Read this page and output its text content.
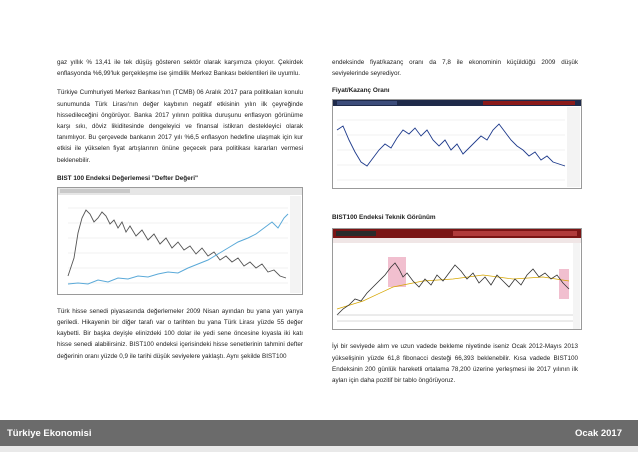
gaz yıllık % 13,41 ile tek düşüş gösteren sektör olarak karşımıza çıkıyor. Çekirdek enflasyonda %6,99'luk gerçekleşme ise şimdilik Merkez Bankası beklentileri ile uyumlu.

Türkiye Cumhuriyeti Merkez Bankası'nın (TCMB) 06 Aralık 2017 para politikaları konulu sunumunda Türk Lirası'nın değer kaybının negatif etkisinin yılın ilk çeyreğinde hissedileceğini öngörüyor. Banka 2017 yılının politika duruşunu enflasyon görünüme karşı sıkı, döviz likiditesinde dengeleyici ve finansal istikrarı destekleyici olarak tanımlıyor. Bu çerçevede bankanın 2017 yılı %6,5 enflasyon hedefine ulaşmak için kur etkisi ile yükselen fiyat artışlarının önüne geçecek para politikası kararları vermesi beklenebilir.

BIST 100 Endeksi Değerlemesi "Defter Değeri"

Türk hisse senedi piyasasında değerlemeler 2009 Nisan ayından bu yana yarı yarıya geriledi. Hikayenin bir diğer tarafı var o tarihten bu yana Türk Lirası yüzde 55 değer kaybetti. Bir başka deyişle elinizdeki 100 dolar ile yedi sene öncesine kıyasla iki katı hisse senedi alabilirsiniz. BIST100 endeksi içerisindeki hisse senetlerinin tahmini defter değerinin oranı yüzde 0,9 ile tarihi düşük seviyelere yaklaştı. Aynı şekilde BIST100

endeksinde fiyat/kazanç oranı da 7,8 ile ekonominin küçüldüğü 2009 düşük seviyelerinde seyrediyor.

Fiyat/Kazanç Oranı
BIST100 Endeksi Teknik Görünüm

İyi bir seviyede alım ve uzun vadede bekleme niyetinde iseniz Ocak 2012-Mayıs 2013 yükselişinin yüzde 61,8 fibonacci desteği 66,393 beklenebilir. Kısa vadede BIST100 Endeksinin 200 günlük hareketli ortalama 78,200 üzerine yerleşmesi ile 2017 yılının ilk ayları için daha pozitif bir tablo öngörüyoruz.

Türkiye Ekonomisi	Ocak 2017
